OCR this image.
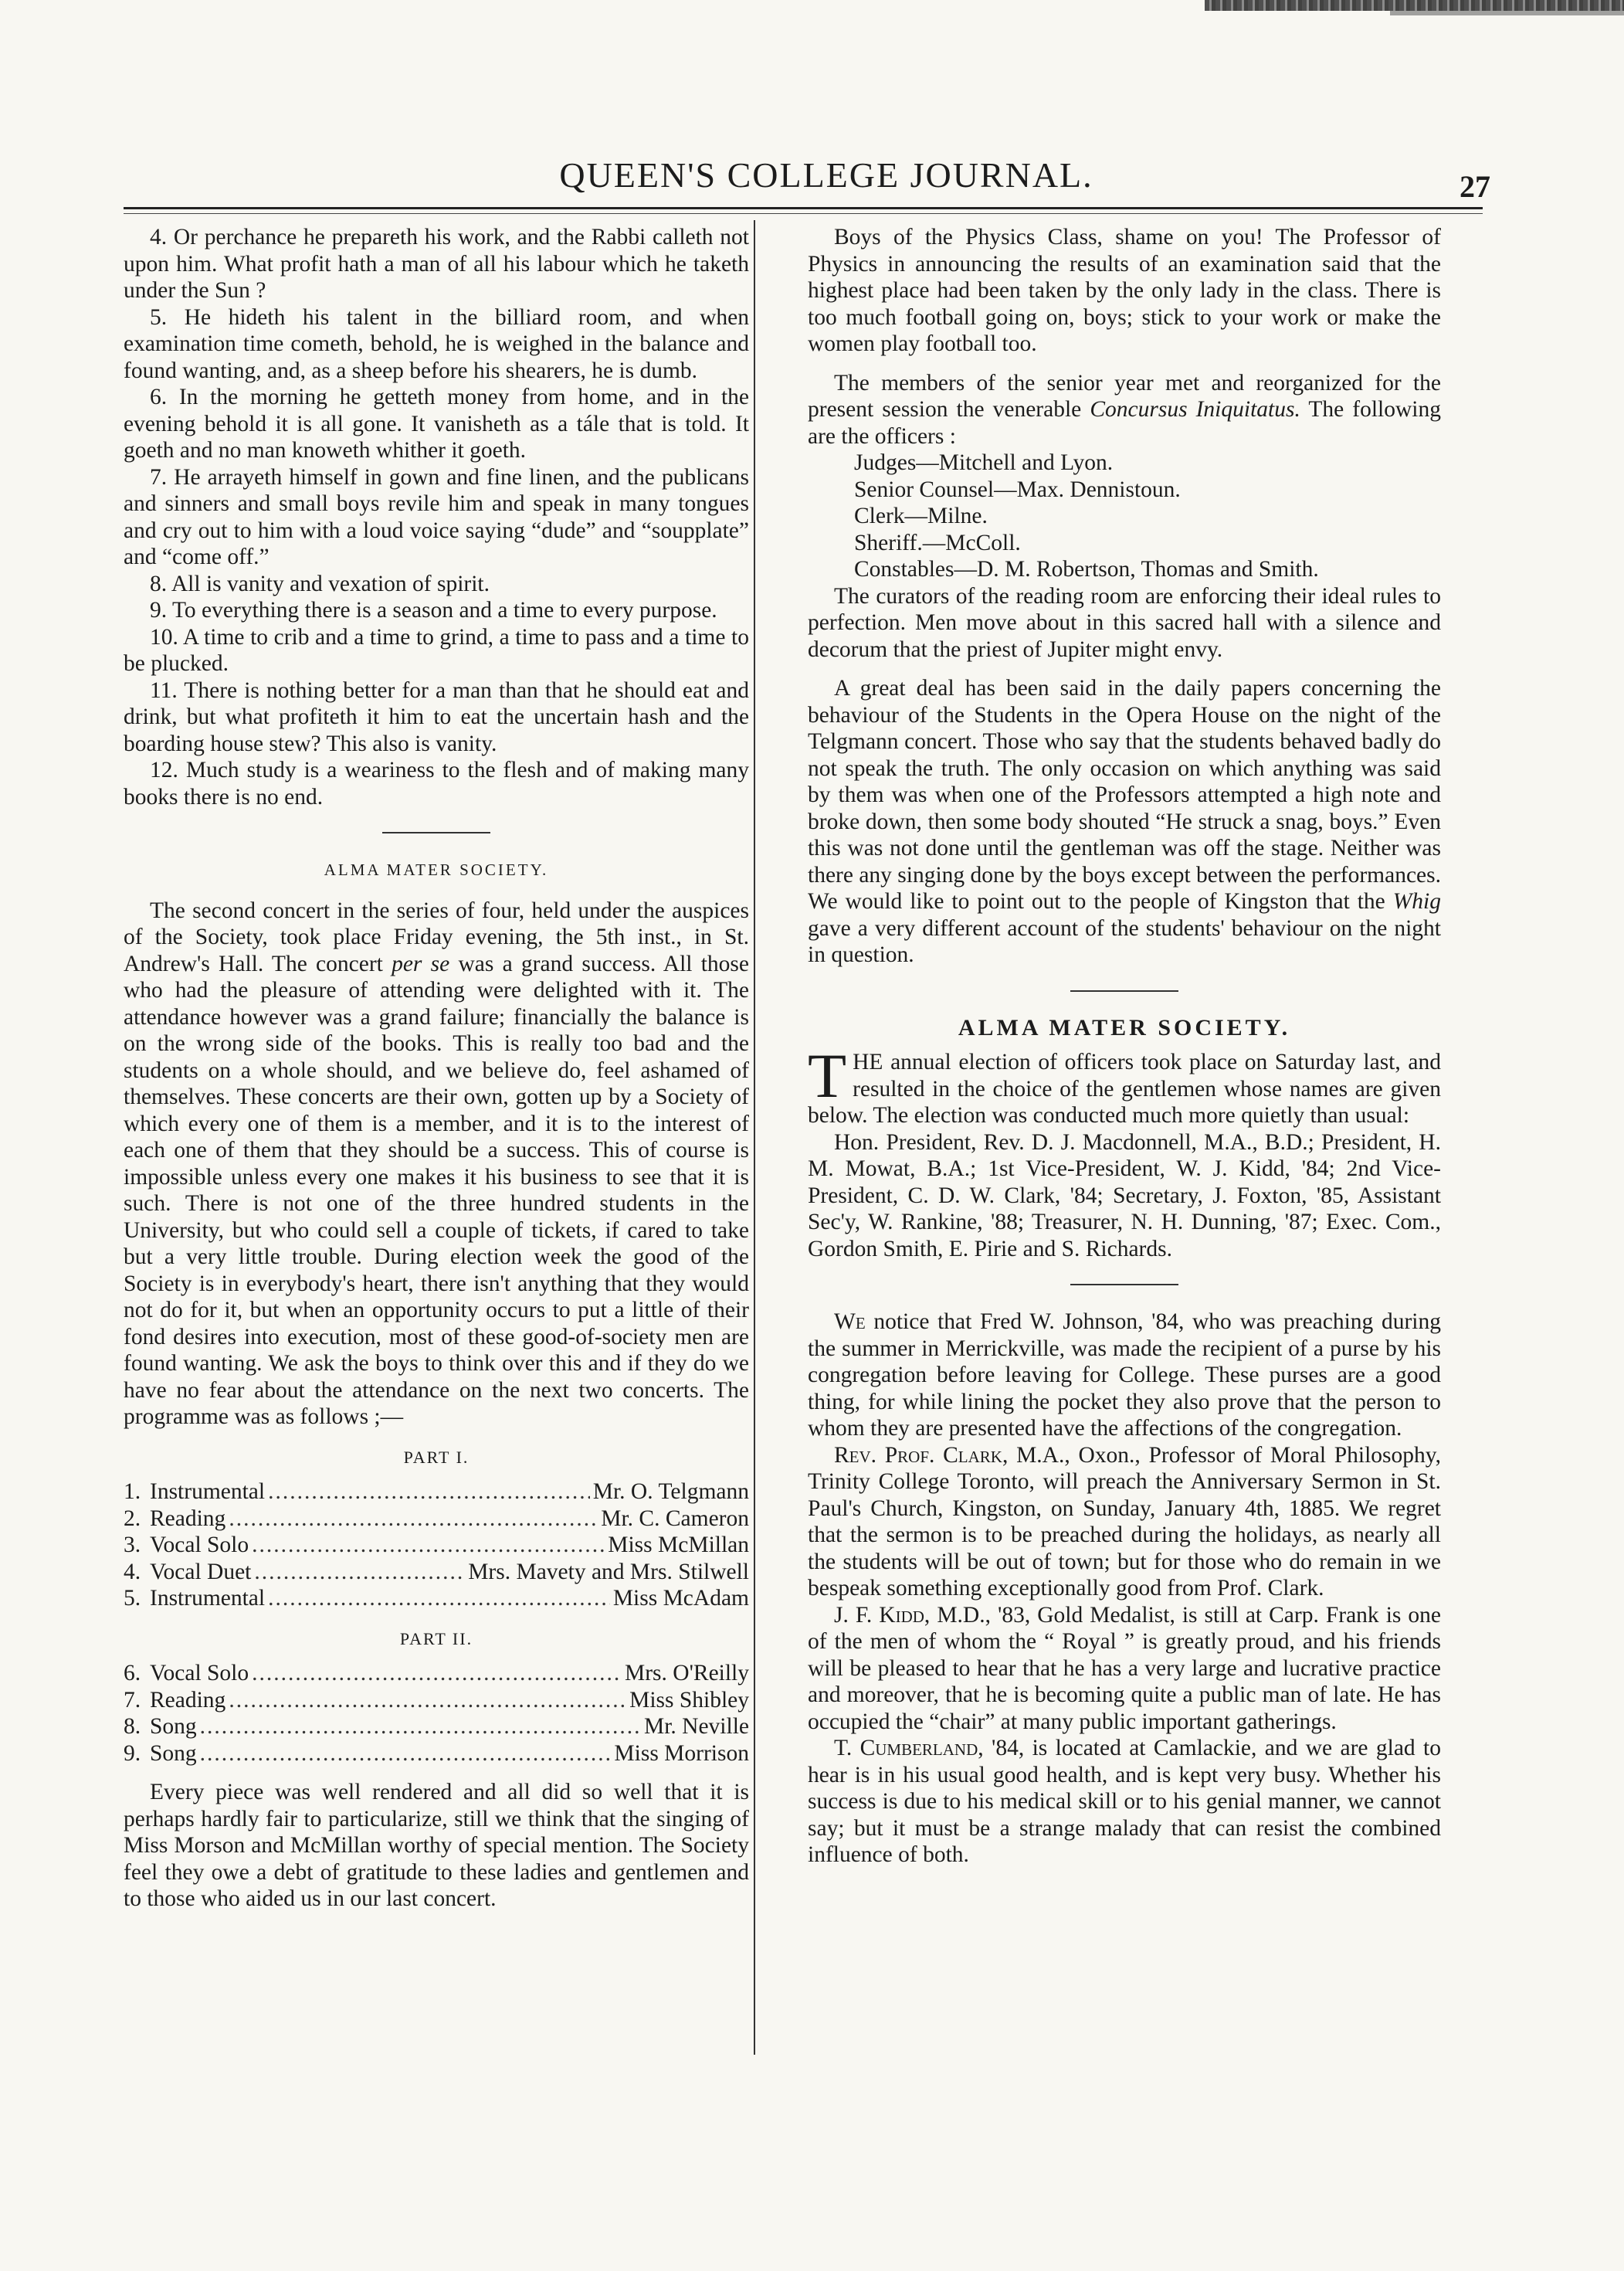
QUEEN'S COLLEGE JOURNAL.	27

4. Or perchance he prepareth his work, and the Rabbi calleth not upon him. What profit hath a man of all his labour which he taketh under the Sun ?

5. He hideth his talent in the billiard room, and when examination time cometh, behold, he is weighed in the balance and found wanting, and, as a sheep before his shearers, he is dumb.

6. In the morning he getteth money from home, and in the evening behold it is all gone. It vanisheth as a tále that is told. It goeth and no man knoweth whither it goeth.

7. He arrayeth himself in gown and fine linen, and the publicans and sinners and small boys revile him and speak in many tongues and cry out to him with a loud voice saying “dude” and “soupplate” and “come off.”

8. All is vanity and vexation of spirit.

9. To everything there is a season and a time to every purpose.

10. A time to crib and a time to grind, a time to pass and a time to be plucked.

11. There is nothing better for a man than that he should eat and drink, but what profiteth it him to eat the uncertain hash and the boarding house stew? This also is vanity.

12. Much study is a weariness to the flesh and of making many books there is no end.

ALMA MATER SOCIETY.

The second concert in the series of four, held under the auspices of the Society, took place Friday evening, the 5th inst., in St. Andrew's Hall. The concert per se was a grand success. All those who had the pleasure of attending were delighted with it. The attendance however was a grand failure; financially the balance is on the wrong side of the books. This is really too bad and the students on a whole should, and we believe do, feel ashamed of themselves. These concerts are their own, gotten up by a Society of which every one of them is a member, and it is to the interest of each one of them that they should be a success. This of course is impossible unless every one makes it his business to see that it is such. There is not one of the three hundred students in the University, but who could sell a couple of tickets, if cared to take but a very little trouble. During election week the good of the Society is in everybody's heart, there isn't anything that they would not do for it, but when an opportunity occurs to put a little of their fond desires into execution, most of these good-of-society men are found wanting. We ask the boys to think over this and if they do we have no fear about the attendance on the next two concerts. The programme was as follows ;—

PART I.
1. Instrumental .....	Mr. O. Telgmann
2. Reading .....	Mr. C. Cameron
3. Vocal Solo .....	Miss McMillan
4. Vocal Duet .....	Mrs. Mavety and Mrs. Stilwell
5. Instrumental .....	Miss McAdam
PART II.
6. Vocal Solo .....	Mrs. O'Reilly
7. Reading .....	Miss Shibley
8. Song .....	Mr. Neville
9. Song .....	Miss Morrison

Every piece was well rendered and all did so well that it is perhaps hardly fair to particularize, still we think that the singing of Miss Morson and McMillan worthy of special mention. The Society feel they owe a debt of gratitude to these ladies and gentlemen and to those who aided us in our last concert.

Boys of the Physics Class, shame on you! The Professor of Physics in announcing the results of an examination said that the highest place had been taken by the only lady in the class. There is too much football going on, boys; stick to your work or make the women play football too.

The members of the senior year met and reorganized for the present session the venerable Concursus Iniquitatus. The following are the officers :

Judges—Mitchell and Lyon.
Senior Counsel—Max. Dennistoun.
Clerk—Milne.
Sheriff.—McColl.
Constables—D. M. Robertson, Thomas and Smith.

The curators of the reading room are enforcing their ideal rules to perfection. Men move about in this sacred hall with a silence and decorum that the priest of Jupiter might envy.

A great deal has been said in the daily papers concerning the behaviour of the Students in the Opera House on the night of the Telgmann concert. Those who say that the students behaved badly do not speak the truth. The only occasion on which anything was said by them was when one of the Professors attempted a high note and broke down, then some body shouted “He struck a snag, boys.” Even this was not done until the gentleman was off the stage. Neither was there any singing done by the boys except between the performances. We would like to point out to the people of Kingston that the Whig gave a very different account of the students' behaviour on the night in question.

ALMA MATER SOCIETY.

THE annual election of officers took place on Saturday last, and resulted in the choice of the gentlemen whose names are given below. The election was conducted much more quietly than usual:

Hon. President, Rev. D. J. Macdonnell, M.A., B.D.; President, H. M. Mowat, B.A.; 1st Vice-President, W. J. Kidd, '84; 2nd Vice-President, C. D. W. Clark, '84; Secretary, J. Foxton, '85, Assistant Sec'y, W. Rankine, '88; Treasurer, N. H. Dunning, '87; Exec. Com., Gordon Smith, E. Pirie and S. Richards.

We notice that Fred W. Johnson, '84, who was preaching during the summer in Merrickville, was made the recipient of a purse by his congregation before leaving for College. These purses are a good thing, for while lining the pocket they also prove that the person to whom they are presented have the affections of the congregation.

Rev. Prof. Clark, M.A., Oxon., Professor of Moral Philosophy, Trinity College Toronto, will preach the Anniversary Sermon in St. Paul's Church, Kingston, on Sunday, January 4th, 1885. We regret that the sermon is to be preached during the holidays, as nearly all the students will be out of town; but for those who do remain in we bespeak something exceptionally good from Prof. Clark.

J. F. Kidd, M.D., '83, Gold Medalist, is still at Carp. Frank is one of the men of whom the “ Royal ” is greatly proud, and his friends will be pleased to hear that he has a very large and lucrative practice and moreover, that he is becoming quite a public man of late. He has occupied the “chair” at many public important gatherings.

T. Cumberland, '84, is located at Camlackie, and we are glad to hear is in his usual good health, and is kept very busy. Whether his success is due to his medical skill or to his genial manner, we cannot say; but it must be a strange malady that can resist the combined influence of both.
